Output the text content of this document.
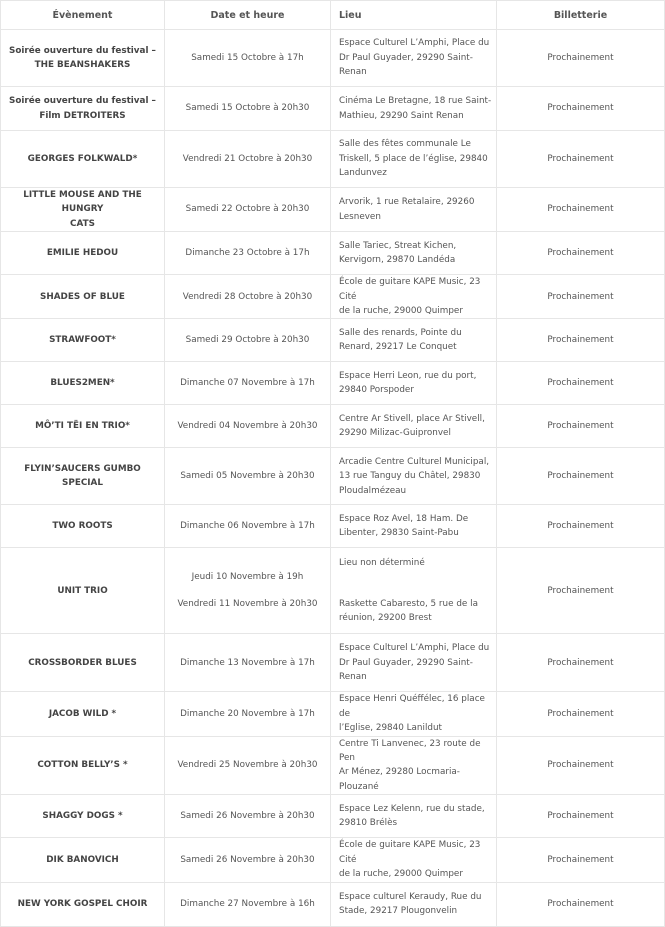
Évènement	Date et heure	Lieu	Billetterie

Soirée ouverture du festival –
THE BEANSHAKERS	Samedi 15 Octobre à 17h	Espace Culturel L’Amphi, Place du
Dr Paul Guyader, 29290 Saint-
Renan	Prochainement

Soirée ouverture du festival –
Film DETROITERS	Samedi 15 Octobre à 20h30	Cinéma Le Bretagne, 18 rue Saint-
Mathieu, 29290 Saint Renan	Prochainement

GEORGES FOLKWALD*	Vendredi 21 Octobre à 20h30	Salle des fêtes communale Le
Triskell, 5 place de l’église, 29840
Landunvez	Prochainement

LITTLE MOUSE AND THE HUNGRY
CATS	Samedi 22 Octobre à 20h30	Arvorik, 1 rue Retalaire, 29260
Lesneven	Prochainement

EMILIE HEDOU	Dimanche 23 Octobre à 17h	Salle Tariec, Streat Kichen,
Kervigorn, 29870 Landéda	Prochainement

SHADES OF BLUE	Vendredi 28 Octobre à 20h30	École de guitare KAPE Music, 23 Cité
de la ruche, 29000 Quimper	Prochainement

STRAWFOOT*	Samedi 29 Octobre à 20h30	Salle des renards, Pointe du
Renard, 29217 Le Conquet	Prochainement

BLUES2MEN*	Dimanche 07 Novembre à 17h	Espace Herri Leon, rue du port,
29840 Porspoder	Prochainement

MÔ’TI TËI EN TRIO*	Vendredi 04 Novembre à 20h30	Centre Ar Stivell, place Ar Stivell,
29290 Milizac-Guipronvel	Prochainement

FLYIN’SAUCERS GUMBO SPECIAL	Samedi 05 Novembre à 20h30	Arcadie Centre Culturel Municipal,
13 rue Tanguy du Châtel, 29830
Ploudalmézeau	Prochainement

TWO ROOTS	Dimanche 06 Novembre à 17h	Espace Roz Avel, 18 Ham. De
Libenter, 29830 Saint-Pabu	Prochainement

UNIT TRIO	Jeudi 10 Novembre à 19h
Vendredi 11 Novembre à 20h30	Lieu non déterminé
Raskette Cabaresto, 5 rue de la
réunion, 29200 Brest	Prochainement

CROSSBORDER BLUES	Dimanche 13 Novembre à 17h	Espace Culturel L’Amphi, Place du
Dr Paul Guyader, 29290 Saint-
Renan	Prochainement

JACOB WILD *	Dimanche 20 Novembre à 17h	Espace Henri Quéffélec, 16 place de
l’Eglise, 29840 Lanildut	Prochainement

COTTON BELLY’S *	Vendredi 25 Novembre à 20h30	Centre Ti Lanvenec, 23 route de Pen
Ar Ménez, 29280 Locmaria-
Plouzané	Prochainement

SHAGGY DOGS *	Samedi 26 Novembre à 20h30	Espace Lez Kelenn, rue du stade,
29810 Brélès	Prochainement

DIK BANOVICH	Samedi 26 Novembre à 20h30	École de guitare KAPE Music, 23 Cité
de la ruche, 29000 Quimper	Prochainement

NEW YORK GOSPEL CHOIR	Dimanche 27 Novembre à 16h	Espace culturel Keraudy, Rue du
Stade, 29217 Plougonvelin	Prochainement
